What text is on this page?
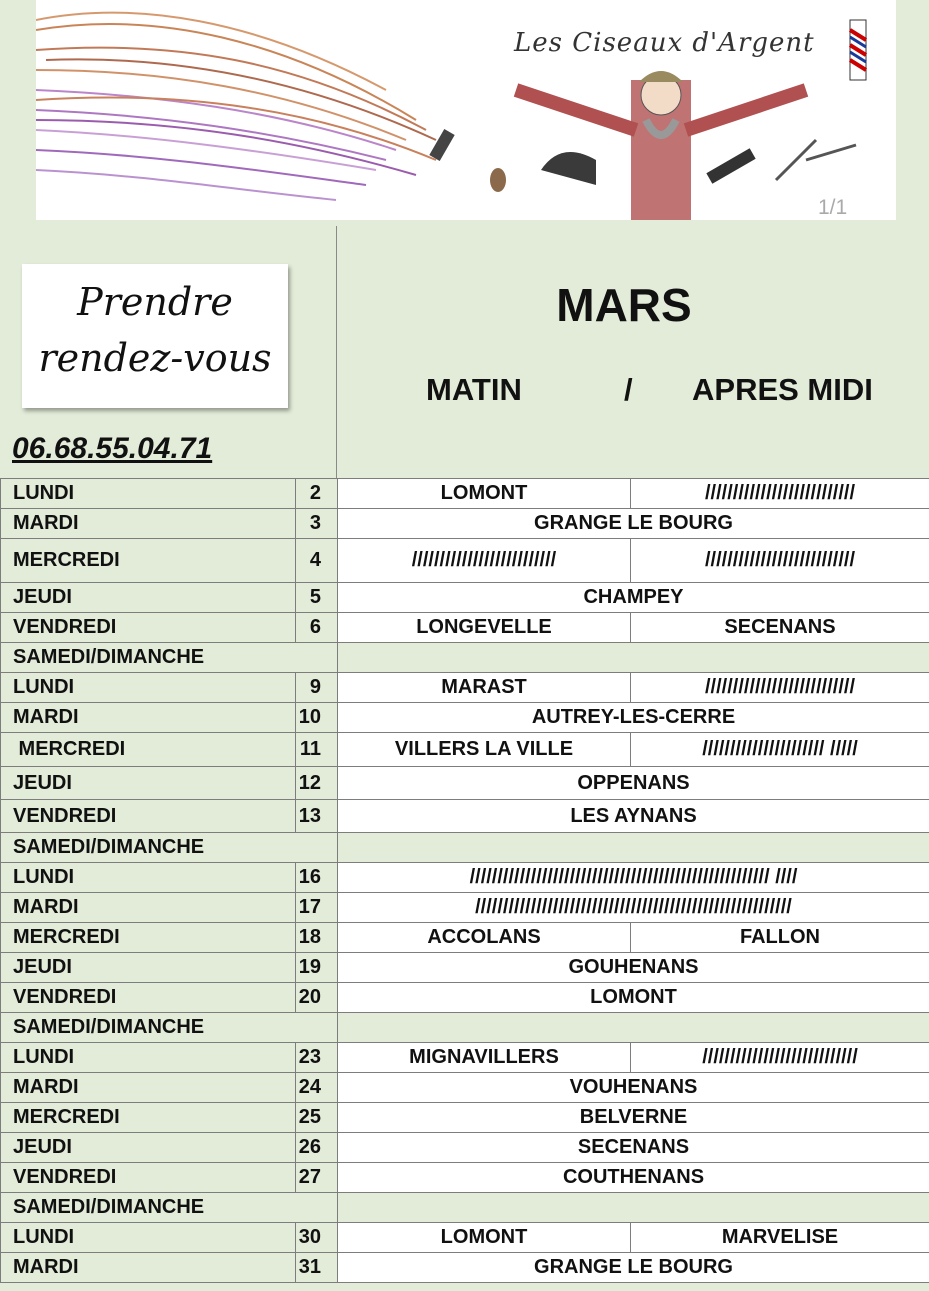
Les Ciseaux d'Argent
1/1
Prendre
rendez-vous
06.68.55.04.71
MARS
MATIN	/ APRES MIDI
LUNDI	2	LOMONT	///////////////////////////
MARDI	3	GRANGE LE BOURG	
MERCREDI	4	//////////////////////////	///////////////////////////
JEUDI	5	CHAMPEY	
VENDREDI	6	LONGEVELLE	SECENANS
SAMEDI/DIMANCHE			
LUNDI	9	MARAST	///////////////////////////
MARDI	10	AUTREY-LES-CERRE	
MERCREDI	11	VILLERS LA VILLE	////////////////////// /////
JEUDI	12	OPPENANS	
VENDREDI	13	LES AYNANS	
SAMEDI/DIMANCHE			
LUNDI	16	////////////////////////////////////////////////////// ////	
MARDI	17	/////////////////////////////////////////////////////////	
MERCREDI	18	ACCOLANS	FALLON
JEUDI	19	GOUHENANS	
VENDREDI	20	LOMONT	
SAMEDI/DIMANCHE			
LUNDI	23	MIGNAVILLERS	////////////////////////////
MARDI	24	VOUHENANS	
MERCREDI	25	BELVERNE	
JEUDI	26	SECENANS	
VENDREDI	27	COUTHENANS	
SAMEDI/DIMANCHE			
LUNDI	30	LOMONT	MARVELISE
MARDI	31	GRANGE LE BOURG	
